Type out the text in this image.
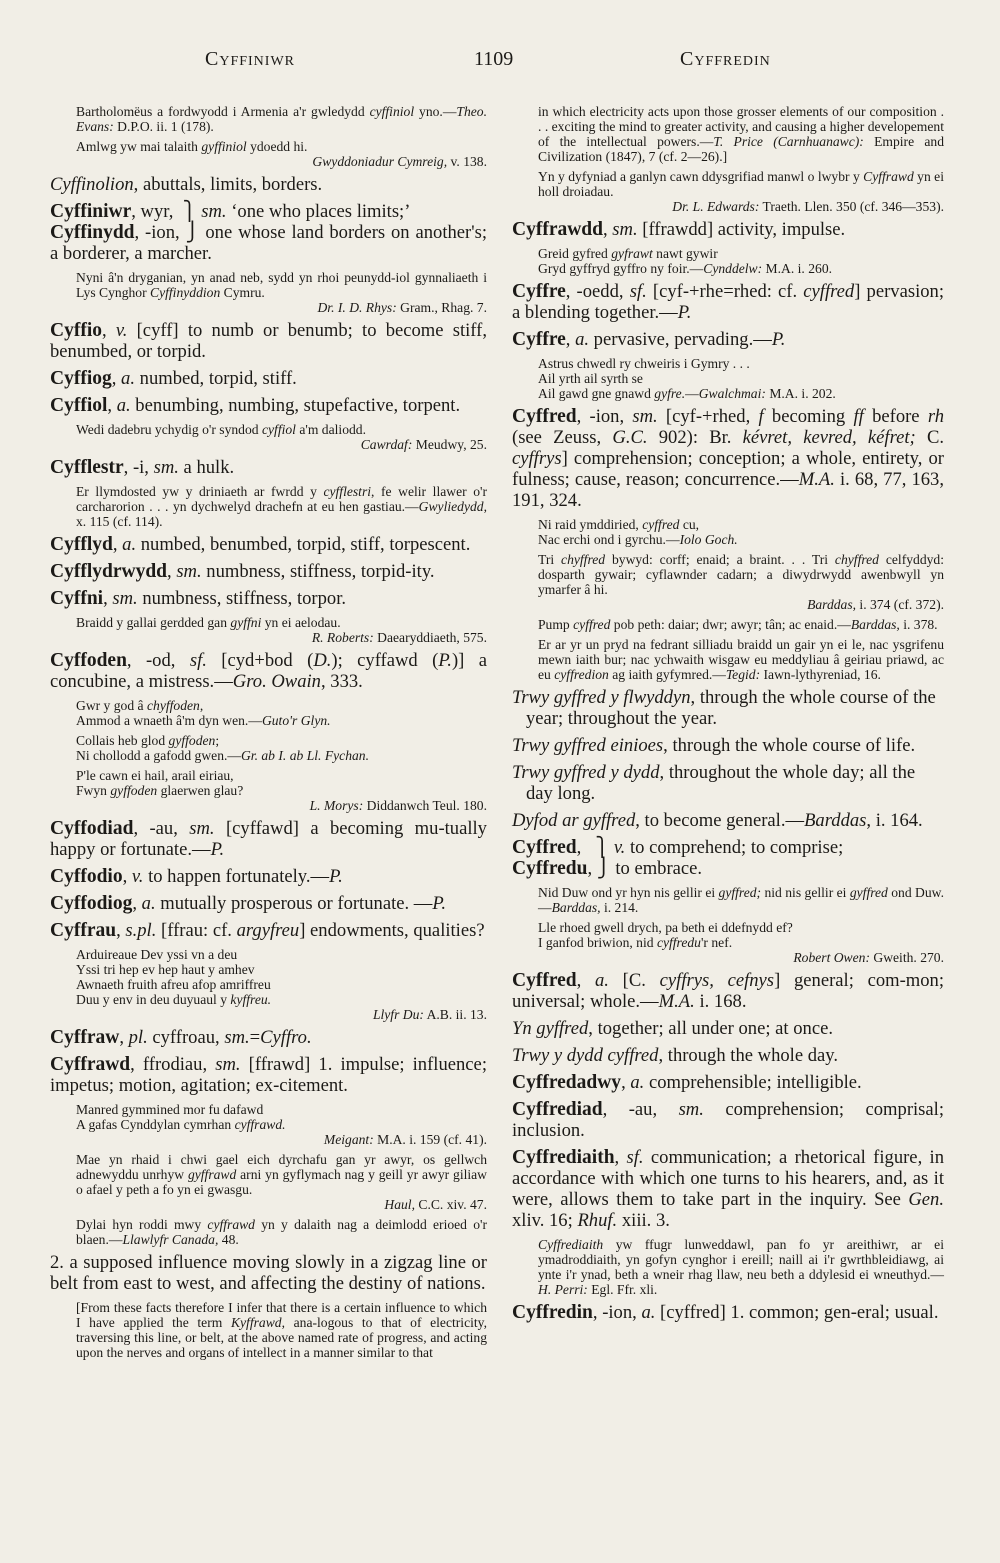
Cyffiniwr	1109	Cyffredin
Bartholomëus a fordwyodd i Armenia a'r gwledydd cyffiniol yno.—Theo. Evans: D.P.O. ii. 1 (178).
Amlwg yw mai talaith gyffiniol ydoedd hi.
Gwyddoniadur Cymreig, v. 138.
Cyffinolion, abuttals, limits, borders.
Cyffiniwr, wyr,  ⎫ sm. ‘one who places limits;’
Cyffinydd, -ion, ⎭ one whose land borders on another's; a borderer, a marcher.
Nyni â'n dryganian, yn anad neb, sydd yn rhoi peunydd-iol gynnaliaeth i Lys Cynghor Cyffinyddion Cymru.
Dr. I. D. Rhys: Gram., Rhag. 7.
Cyffio, v. [cyff] to numb or benumb; to become stiff, benumbed, or torpid.
Cyffiog, a. numbed, torpid, stiff.
Cyffiol, a. benumbing, numbing, stupefactive, torpent.
Wedi dadebru ychydig o'r syndod cyffiol a'm daliodd.
Cawrdaf: Meudwy, 25.
Cyfflestr, -i, sm. a hulk.
Er llymdosted yw y driniaeth ar fwrdd y cyfflestri, fe welir llawer o'r carcharorion . . . yn dychwelyd drachefn at eu hen gastiau.—Gwyliedydd, x. 115 (cf. 114).
Cyfflyd, a. numbed, benumbed, torpid, stiff, torpescent.
Cyfflydrwydd, sm. numbness, stiffness, torpid-ity.
Cyffni, sm. numbness, stiffness, torpor.
Braidd y gallai gerdded gan gyffni yn ei aelodau.
R. Roberts: Daearyddiaeth, 575.
Cyffoden, -od, sf. [cyd+bod (D.); cyffawd (P.)] a concubine, a mistress.—Gro. Owain, 333.
Gwr y god â chyffoden,
Ammod a wnaeth â'm dyn wen.—Guto'r Glyn.
Collais heb glod gyffoden;
Ni chollodd a gafodd gwen.—Gr. ab I. ab Ll. Fychan.
P'le cawn ei hail, arail eiriau,
Fwyn gyffoden glaerwen glau?
L. Morys: Diddanwch Teul. 180.
Cyffodiad, -au, sm. [cyffawd] a becoming mu-tually happy or fortunate.—P.
Cyffodio, v. to happen fortunately.—P.
Cyffodiog, a. mutually prosperous or fortunate. —P.
Cyffrau, s.pl. [ffrau: cf. argyfreu] endowments, qualities?
Arduireaue Dev yssi vn a deu
Yssi tri hep ev hep haut y amhev
Awnaeth fruith afreu afop amriffreu
Duu y env in deu duyuaul y kyffreu.
Llyfr Du: A.B. ii. 13.
Cyffraw, pl. cyffroau, sm.=Cyffro.
Cyffrawd, ffrodiau, sm. [ffrawd] 1. impulse; influence; impetus; motion, agitation; ex-citement.
Manred gymmined mor fu dafawd
A gafas Cynddylan cymrhan cyffrawd.
Meigant: M.A. i. 159 (cf. 41).
Mae yn rhaid i chwi gael eich dyrchafu gan yr awyr, os gellwch adnewyddu unrhyw gyffrawd arni yn gyflymach nag y geill yr awyr giliaw o afael y peth a fo yn ei gwasgu.
Haul, C.C. xiv. 47.
Dylai hyn roddi mwy cyffrawd yn y dalaith nag a deimlodd erioed o'r blaen.—Llawlyfr Canada, 48.
2. a supposed influence moving slowly in a zigzag line or belt from east to west, and affecting the destiny of nations.
[From these facts therefore I infer that there is a certain influence to which I have applied the term Kyffrawd, ana-logous to that of electricity, traversing this line, or belt, at the above named rate of progress, and acting upon the nerves and organs of intellect in a manner similar to that
in which electricity acts upon those grosser elements of our composition . . . exciting the mind to greater activity, and causing a higher developement of the intellectual powers.—T. Price (Carnhuanawc): Empire and Civilization (1847), 7 (cf. 2—26).]
Yn y dyfyniad a ganlyn cawn ddysgrifiad manwl o lwybr y Cyffrawd yn ei holl droiadau.
Dr. L. Edwards: Traeth. Llen. 350 (cf. 346—353).
Cyffrawdd, sm. [ffrawdd] activity, impulse.
Greid gyfred gyfrawt nawt gywir
Gryd gyffryd gyffro ny foir.—Cynddelw: M.A. i. 260.
Cyffre, -oedd, sf. [cyf-+rhe=rhed: cf. cyffred] pervasion; a blending together.—P.
Cyffre, a. pervasive, pervading.—P.
Astrus chwedl ry chweiris i Gymry . . .
Ail yrth ail syrth se
Ail gawd gne gnawd gyfre.—Gwalchmai: M.A. i. 202.
Cyffred, -ion, sm. [cyf-+rhed, f becoming ff before rh (see Zeuss, G.C. 902): Br. kévret, kevred, kéfret; C. cyffrys] comprehension; conception; a whole, entirety, or fulness; cause, reason; concurrence.—M.A. i. 68, 77, 163, 191, 324.
Ni raid ymddiried, cyffred cu,
Nac erchi ond i gyrchu.—Iolo Goch.
Tri chyffred bywyd: corff; enaid; a braint. . . Tri chyffred celfyddyd: dosparth gywair; cyflawnder cadarn; a diwydrwydd awenbwyll yn ymarfer â hi.
Barddas, i. 374 (cf. 372).
Pump cyffred pob peth: daiar; dwr; awyr; tân; ac enaid.—Barddas, i. 378.
Er ar yr un pryd na fedrant silliadu braidd un gair yn ei le, nac ysgrifenu mewn iaith bur; nac ychwaith wisgaw eu meddyliau â geiriau priawd, ac eu cyffredion ag iaith gyfymred.—Tegid: Iawn-lythyreniad, 16.
Trwy gyffred y flwyddyn, through the whole course of the year; throughout the year.
Trwy gyffred einioes, through the whole course of life.
Trwy gyffred y dydd, throughout the whole day; all the day long.
Dyfod ar gyffred, to become general.—Barddas, i. 164.
Cyffred,   ⎫ v. to comprehend; to comprise;
Cyffredu, ⎭ to embrace.
Nid Duw ond yr hyn nis gellir ei gyffred; nid nis gellir ei gyffred ond Duw.—Barddas, i. 214.
Lle rhoed gwell drych, pa beth ei ddefnydd ef?
I ganfod briwion, nid cyffredu'r nef.
Robert Owen: Gweith. 270.
Cyffred, a. [C. cyffrys, cefnys] general; com-mon; universal; whole.—M.A. i. 168.
Yn gyffred, together; all under one; at once.
Trwy y dydd cyffred, through the whole day.
Cyffredadwy, a. comprehensible; intelligible.
Cyffrediad, -au, sm. comprehension; comprisal; inclusion.
Cyffrediaith, sf. communication; a rhetorical figure, in accordance with which one turns to his hearers, and, as it were, allows them to take part in the inquiry. See Gen. xliv. 16; Rhuf. xiii. 3.
Cyffrediaith yw ffugr lunweddawl, pan fo yr areithiwr, ar ei ymadroddiaith, yn gofyn cynghor i ereill; naill ai i'r gwrthbleidiawg, ai ynte i'r ynad, beth a wneir rhag llaw, neu beth a ddylesid ei wneuthyd.—H. Perri: Egl. Ffr. xli.
Cyffredin, -ion, a. [cyffred] 1. common; gen-eral; usual.
